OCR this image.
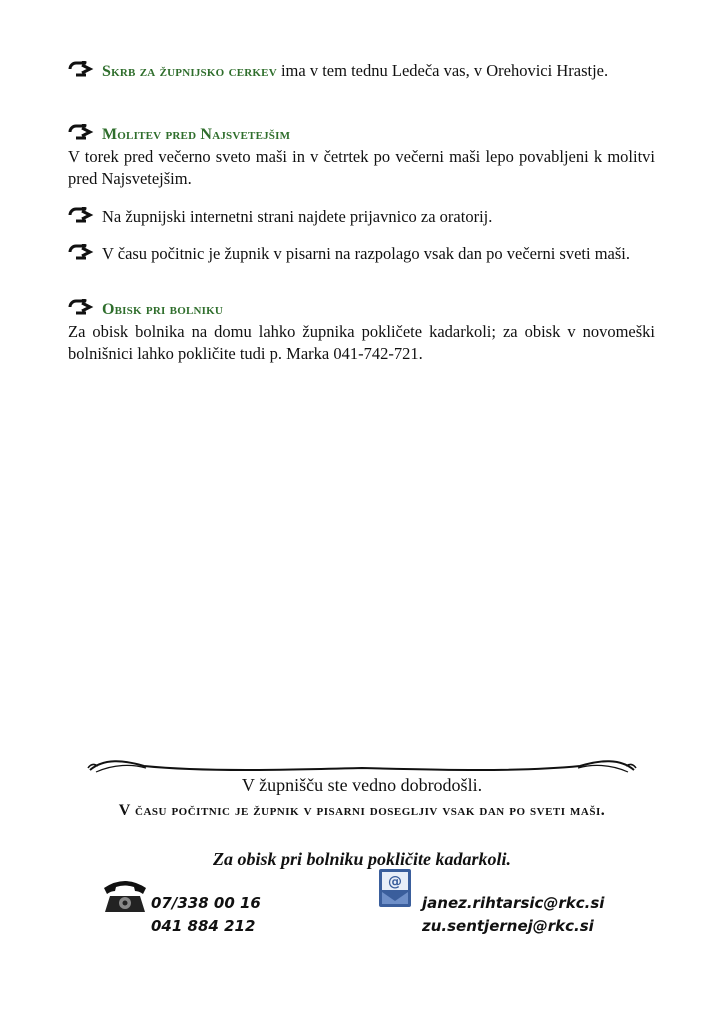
Skrb za župnijsko cerkev ima v tem tednu Ledeča vas, v Orehovici Hrastje.
Molitev pred Najsvetejšim
V torek pred večerno sveto maši in v četrtek po večerni maši lepo povabljeni k molitvi pred Najsvetejšim.
Na župnijski internetni strani najdete prijavnico za oratorij.
V času počitnic je župnik v pisarni na razpolago vsak dan po večerni sveti maši.
Obisk pri bolniku
Za obisk bolnika na domu lahko župnika pokličete kadarkoli; za obisk v novomeški bolnišnici lahko pokličite tudi p. Marka 041-742-721.
V župnišču ste vedno dobrodošli.
V času počitnic je župnik v pisarni dosegljiv vsak dan po sveti maši.
Za obisk pri bolniku pokličite kadarkoli.
07/338 00 16
041 884 212
@
janez.rihtarsic@rkc.si
zu.sentjernej@rkc.si
